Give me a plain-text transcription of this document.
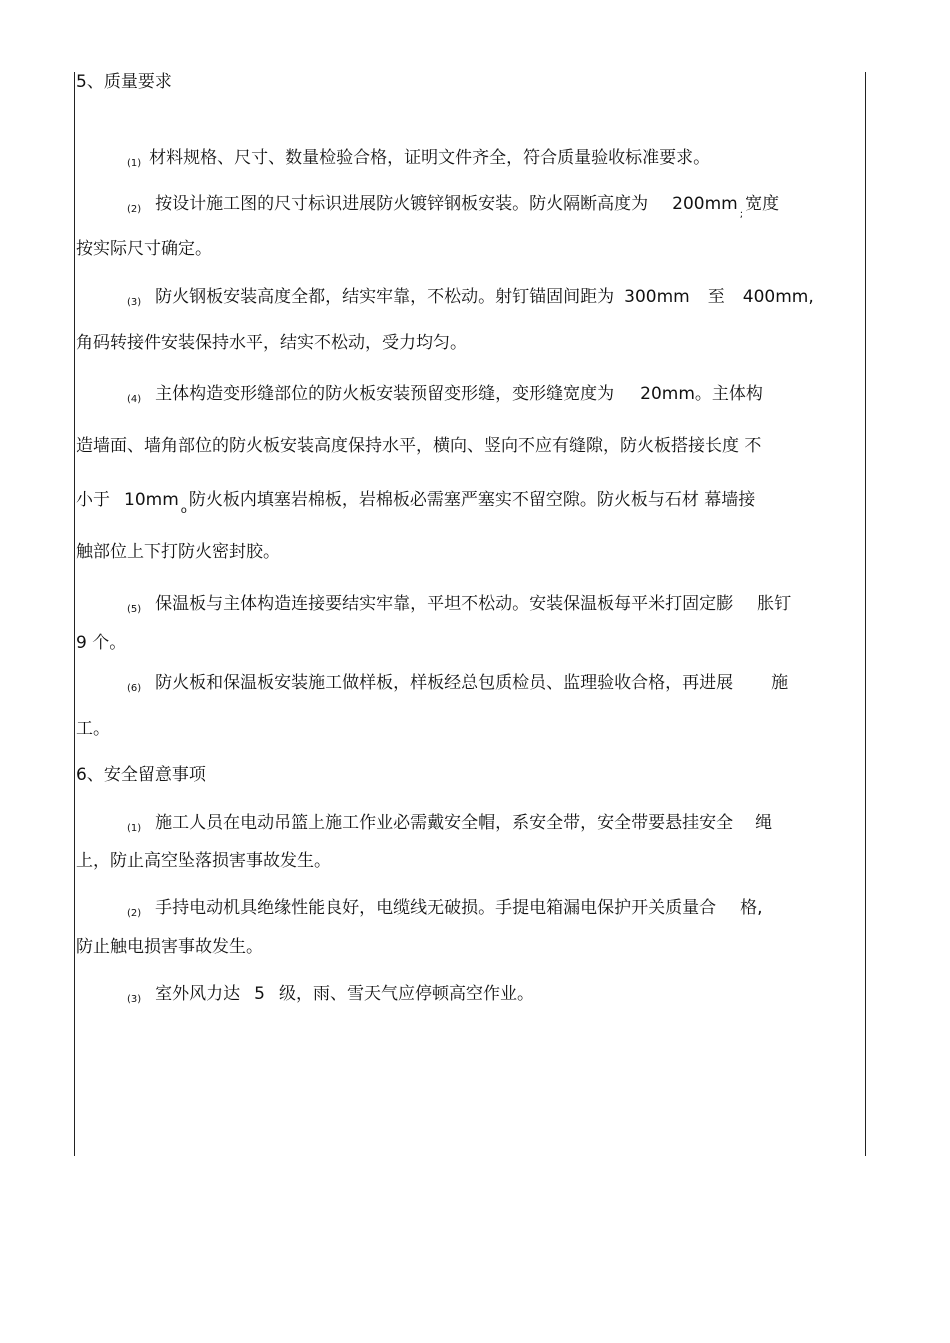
5、质量要求
(1) 材料规格、尺寸、数量检验合格，证明文件齐全，符合质量验收标准要求。
(2) 按设计施工图的尺寸标识进展防火镀锌钢板安装。防火隔断高度为 200mm;宽度
按实际尺寸确定。
(3) 防火钢板安装高度全都，结实牢靠，不松动。射钉锚固间距为 300mm 至 400mm,
角码转接件安装保持水平，结实不松动，受力均匀。
(4) 主体构造变形缝部位的防火板安装预留变形缝，变形缝宽度为 20mm。主体构
造墙面、墙角部位的防火板安装高度保持水平，横向、竖向不应有缝隙，防火板搭接长度 不
小于 10mmo防火板内填塞岩棉板，岩棉板必需塞严塞实不留空隙。防火板与石材 幕墙接
触部位上下打防火密封胶。
(5) 保温板与主体构造连接要结实牢靠，平坦不松动。安装保温板每平米打固定膨 胀钉
9 个。
(6) 防火板和保温板安装施工做样板，样板经总包质检员、监理验收合格，再进展 施
工。
6、安全留意事项
(1) 施工人员在电动吊篮上施工作业必需戴安全帽，系安全带，安全带要悬挂安全 绳
上，防止高空坠落损害事故发生。
(2) 手持电动机具绝缘性能良好，电缆线无破损。手提电箱漏电保护开关质量合 格,
防止触电损害事故发生。
(3) 室外风力达 5 级，雨、雪天气应停顿高空作业。
